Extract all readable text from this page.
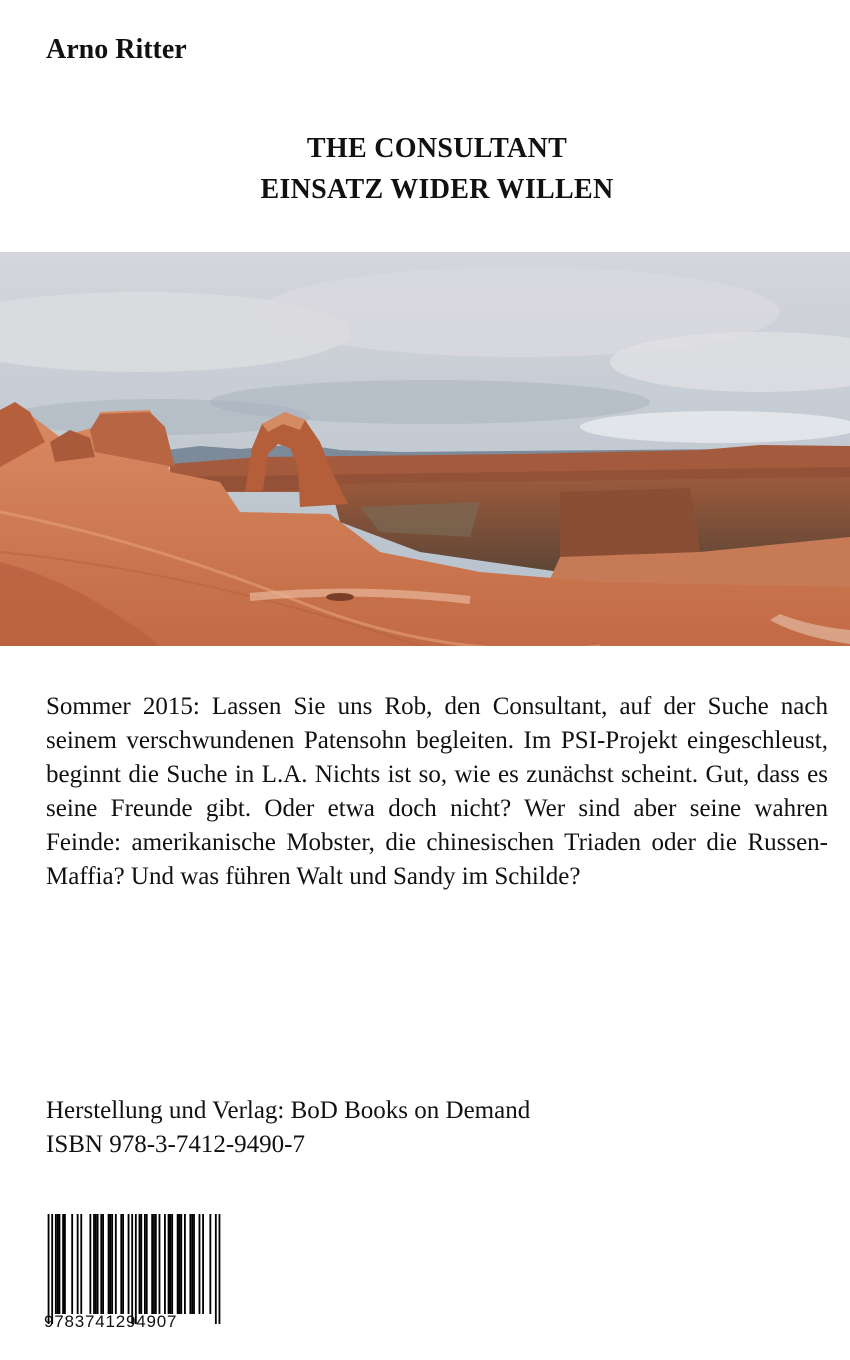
Arno Ritter
THE CONSULTANT
EINSATZ WIDER WILLEN

Sommer 2015: Lassen Sie uns Rob, den Consultant, auf der Suche nach seinem verschwundenen Patensohn begleiten. Im PSI-Projekt eingeschleust, beginnt die Suche in L.A. Nichts ist so, wie es zunächst scheint. Gut, dass es seine Freunde gibt. Oder etwa doch nicht? Wer sind aber seine wahren Feinde: amerikanische Mobster, die chinesischen Triaden oder die Russen-Maffia? Und was führen Walt und Sandy im Schilde?

Herstellung und Verlag: BoD Books on Demand
ISBN 978-3-7412-9490-7
9783741294907
